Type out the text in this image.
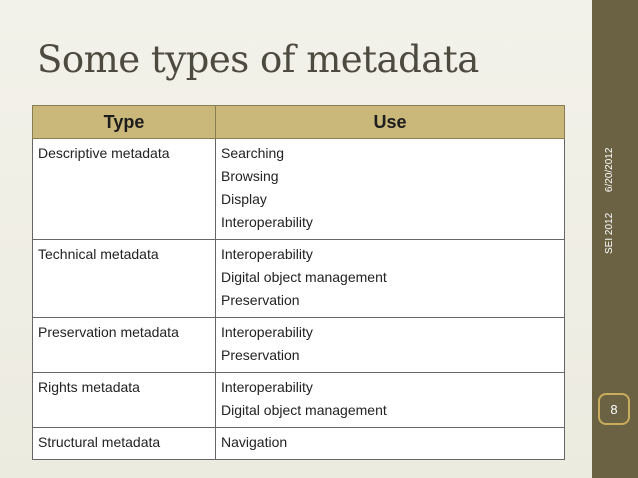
Some types of metadata
SEI 2012 6/20/2012
8
Type	Use
Descriptive metadata	Searching
Browsing
Display
Interoperability

Technical metadata	Interoperability
Digital object management
Preservation

Preservation metadata	Interoperability
Preservation

Rights metadata	Interoperability
Digital object management

Structural metadata	Navigation
